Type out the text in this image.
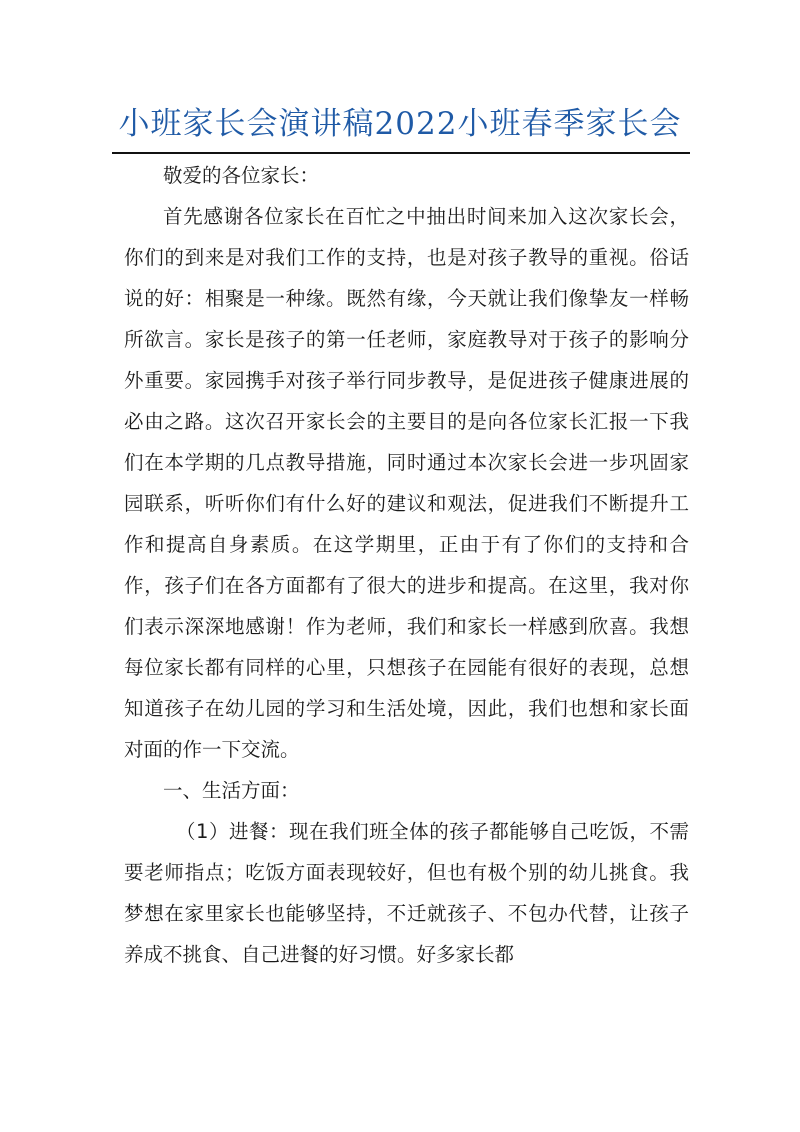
小班家长会演讲稿2022小班春季家长会

敬爱的各位家长：

首先感谢各位家长在百忙之中抽出时间来加入这次家长会，你们的到来是对我们工作的支持，也是对孩子教导的重视。俗话说的好：相聚是一种缘。既然有缘，今天就让我们像挚友一样畅所欲言。家长是孩子的第一任老师，家庭教导对于孩子的影响分外重要。家园携手对孩子举行同步教导，是促进孩子健康进展的必由之路。这次召开家长会的主要目的是向各位家长汇报一下我们在本学期的几点教导措施，同时通过本次家长会进一步巩固家园联系，听听你们有什么好的建议和观法，促进我们不断提升工作和提高自身素质。在这学期里，正由于有了你们的支持和合作，孩子们在各方面都有了很大的进步和提高。在这里，我对你们表示深深地感谢！作为老师，我们和家长一样感到欣喜。我想每位家长都有同样的心里，只想孩子在园能有很好的表现，总想知道孩子在幼儿园的学习和生活处境，因此，我们也想和家长面对面的作一下交流。

一、生活方面：

（1）进餐：现在我们班全体的孩子都能够自己吃饭，不需要老师指点；吃饭方面表现较好，但也有极个别的幼儿挑食。我梦想在家里家长也能够坚持，不迁就孩子、不包办代替，让孩子养成不挑食、自己进餐的好习惯。好多家长都
